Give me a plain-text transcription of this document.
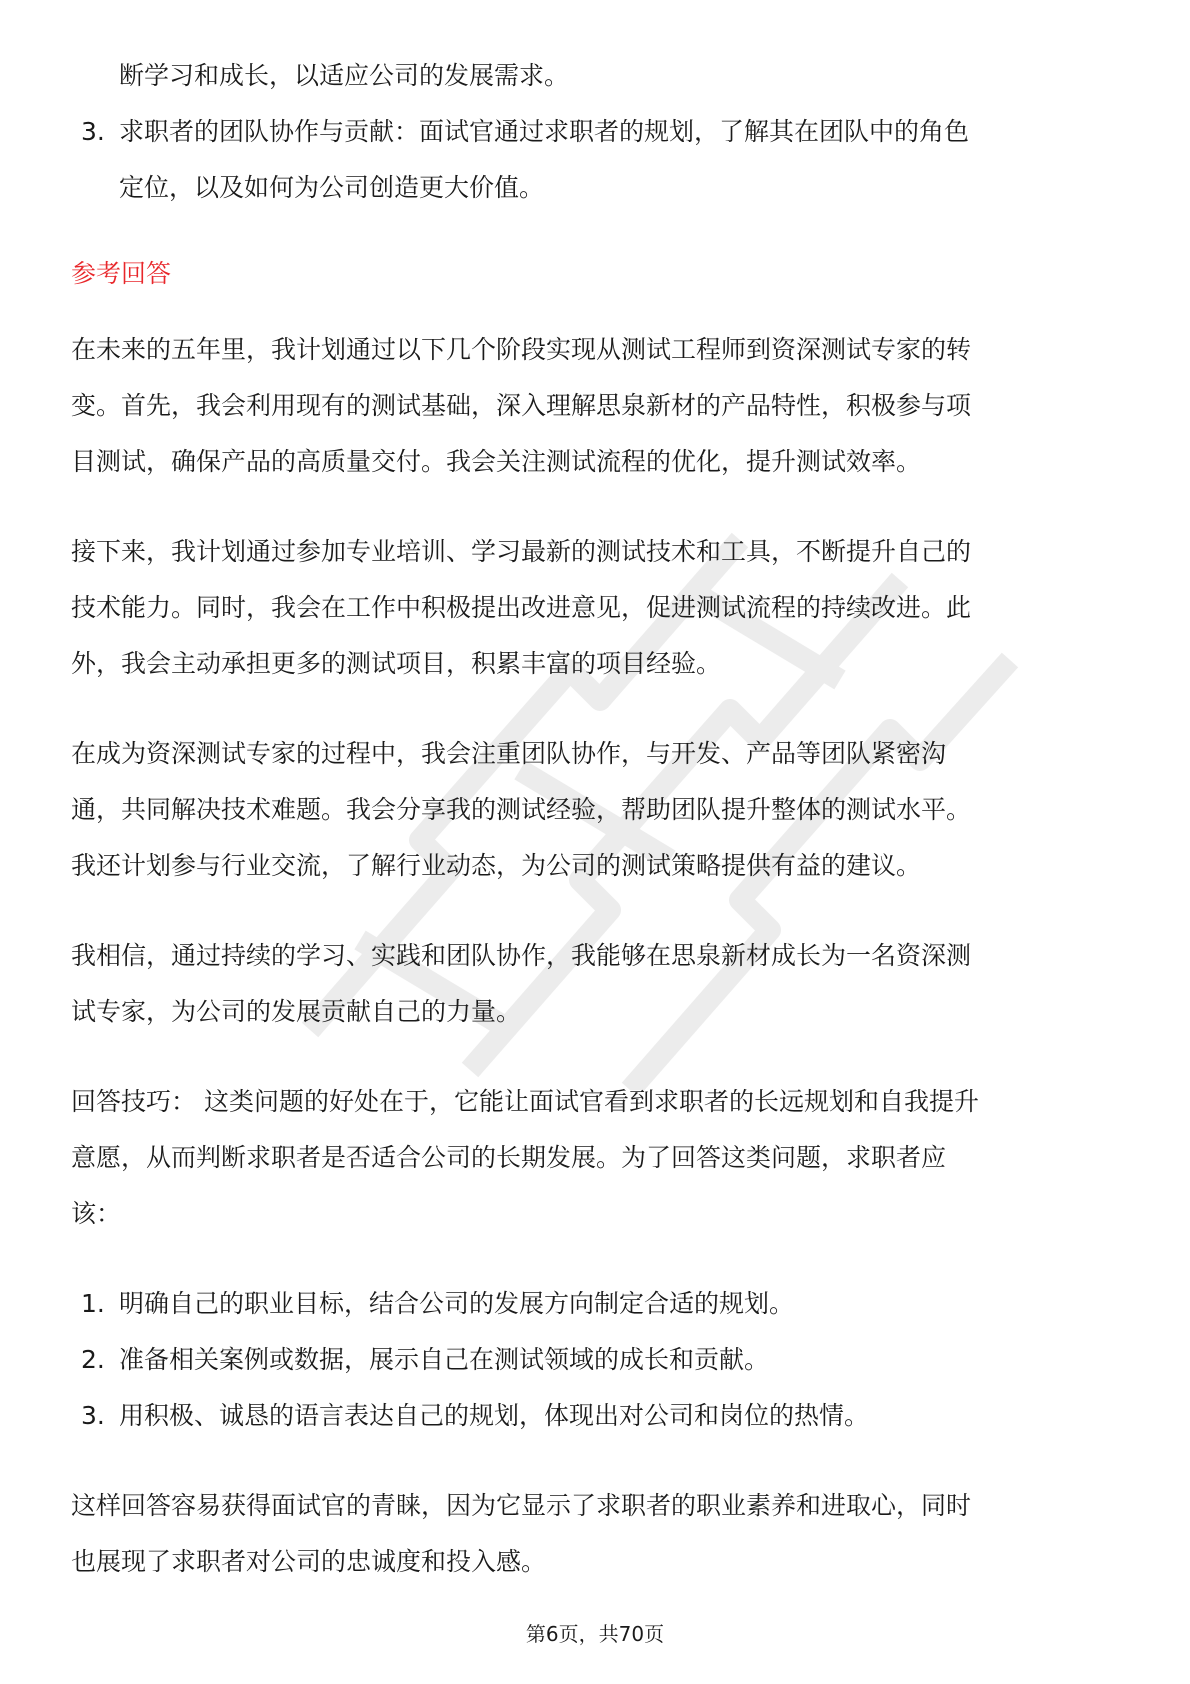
断学习和成长，以适应公司的发展需求。

3. 求职者的团队协作与贡献：面试官通过求职者的规划，了解其在团队中的角色

定位，以及如何为公司创造更大价值。

参考回答

在未来的五年里，我计划通过以下几个阶段实现从测试工程师到资深测试专家的转

变。首先，我会利用现有的测试基础，深入理解思泉新材的产品特性，积极参与项

目测试，确保产品的高质量交付。我会关注测试流程的优化，提升测试效率。

接下来，我计划通过参加专业培训、学习最新的测试技术和工具，不断提升自己的

技术能力。同时，我会在工作中积极提出改进意见，促进测试流程的持续改进。此

外，我会主动承担更多的测试项目，积累丰富的项目经验。

在成为资深测试专家的过程中，我会注重团队协作，与开发、产品等团队紧密沟

通，共同解决技术难题。我会分享我的测试经验，帮助团队提升整体的测试水平。

我还计划参与行业交流，了解行业动态，为公司的测试策略提供有益的建议。

我相信，通过持续的学习、实践和团队协作，我能够在思泉新材成长为一名资深测

试专家，为公司的发展贡献自己的力量。

回答技巧： 这类问题的好处在于，它能让面试官看到求职者的长远规划和自我提升

意愿，从而判断求职者是否适合公司的长期发展。为了回答这类问题，求职者应

该：

1. 明确自己的职业目标，结合公司的发展方向制定合适的规划。

2. 准备相关案例或数据，展示自己在测试领域的成长和贡献。

3. 用积极、诚恳的语言表达自己的规划，体现出对公司和岗位的热情。

这样回答容易获得面试官的青睐，因为它显示了求职者的职业素养和进取心，同时

也展现了求职者对公司的忠诚度和投入感。

第6页，共70页
